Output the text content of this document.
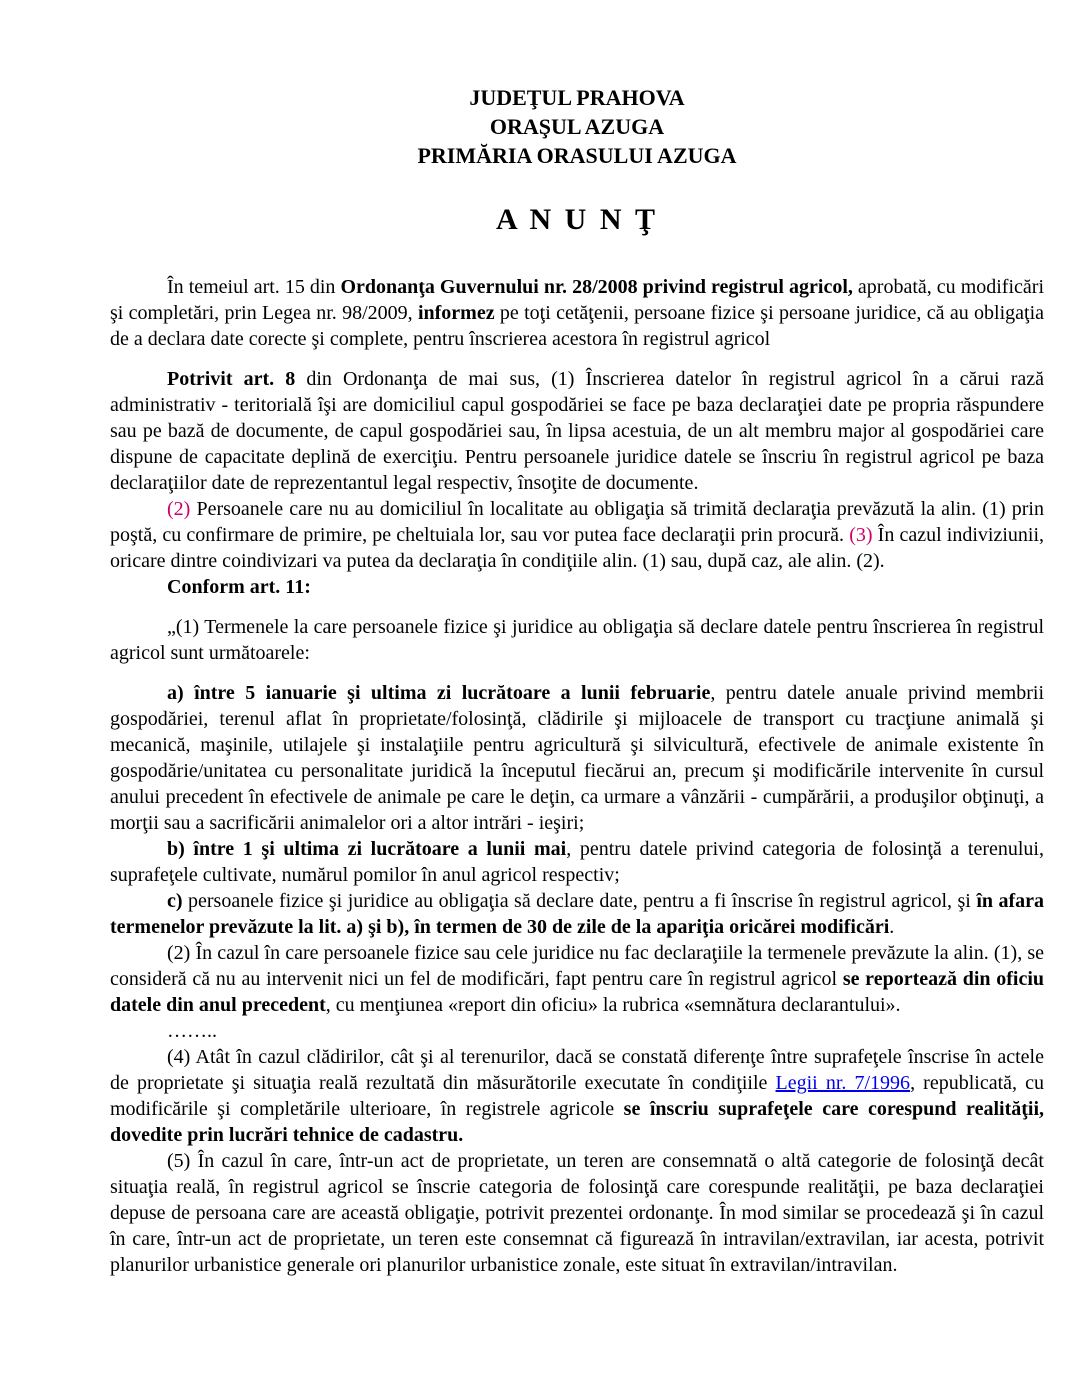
JUDEŢUL PRAHOVA
ORAŞUL AZUGA
PRIMĂRIA ORASULUI AZUGA
A N U N Ţ

În temeiul art. 15 din Ordonanţa Guvernului nr. 28/2008 privind registrul agricol, aprobată, cu modificări şi completări, prin Legea nr. 98/2009, informez pe toţi cetăţenii, persoane fizice şi persoane juridice, că au obligaţia de a declara date corecte şi complete, pentru înscrierea acestora în registrul agricol

Potrivit art. 8 din Ordonanţa de mai sus, (1) Înscrierea datelor în registrul agricol în a cărui rază administrativ - teritorială îşi are domiciliul capul gospodăriei se face pe baza declaraţiei date pe propria răspundere sau pe bază de documente, de capul gospodăriei sau, în lipsa acestuia, de un alt membru major al gospodăriei care dispune de capacitate deplină de exerciţiu. Pentru persoanele juridice datele se înscriu în registrul agricol pe baza declaraţiilor date de reprezentantul legal respectiv, însoţite de documente.

(2) Persoanele care nu au domiciliul în localitate au obligaţia să trimită declaraţia prevăzută la alin. (1) prin poştă, cu confirmare de primire, pe cheltuiala lor, sau vor putea face declaraţii prin procură. (3) În cazul indiviziunii, oricare dintre coindivizari va putea da declaraţia în condiţiile alin. (1) sau, după caz, ale alin. (2).

Conform art. 11:

„(1) Termenele la care persoanele fizice şi juridice au obligaţia să declare datele pentru înscrierea în registrul agricol sunt următoarele:

a) între 5 ianuarie şi ultima zi lucrătoare a lunii februarie, pentru datele anuale privind membrii gospodăriei, terenul aflat în proprietate/folosinţă, clădirile şi mijloacele de transport cu tracţiune animală şi mecanică, maşinile, utilajele şi instalaţiile pentru agricultură şi silvicultură, efectivele de animale existente în gospodărie/unitatea cu personalitate juridică la începutul fiecărui an, precum şi modificările intervenite în cursul anului precedent în efectivele de animale pe care le deţin, ca urmare a vânzării - cumpărării, a produşilor obţinuţi, a morţii sau a sacrificării animalelor ori a altor intrări - ieşiri;

b) între 1 şi ultima zi lucrătoare a lunii mai, pentru datele privind categoria de folosinţă a terenului, suprafeţele cultivate, numărul pomilor în anul agricol respectiv;

c) persoanele fizice şi juridice au obligaţia să declare date, pentru a fi înscrise în registrul agricol, şi în afara termenelor prevăzute la lit. a) şi b), în termen de 30 de zile de la apariţia oricărei modificări.

(2) În cazul în care persoanele fizice sau cele juridice nu fac declaraţiile la termenele prevăzute la alin. (1), se consideră că nu au intervenit nici un fel de modificări, fapt pentru care în registrul agricol se reportează din oficiu datele din anul precedent, cu menţiunea «report din oficiu» la rubrica «semnătura declarantului».

……..

(4) Atât în cazul clădirilor, cât şi al terenurilor, dacă se constată diferenţe între suprafeţele înscrise în actele de proprietate şi situaţia reală rezultată din măsurătorile executate în condiţiile Legii nr. 7/1996, republicată, cu modificările şi completările ulterioare, în registrele agricole se înscriu suprafeţele care corespund realităţii, dovedite prin lucrări tehnice de cadastru.

(5) În cazul în care, într-un act de proprietate, un teren are consemnată o altă categorie de folosinţă decât situaţia reală, în registrul agricol se înscrie categoria de folosinţă care corespunde realităţii, pe baza declaraţiei depuse de persoana care are această obligaţie, potrivit prezentei ordonanţe. În mod similar se procedează şi în cazul în care, într-un act de proprietate, un teren este consemnat că figurează în intravilan/extravilan, iar acesta, potrivit planurilor urbanistice generale ori planurilor urbanistice zonale, este situat în extravilan/intravilan.
